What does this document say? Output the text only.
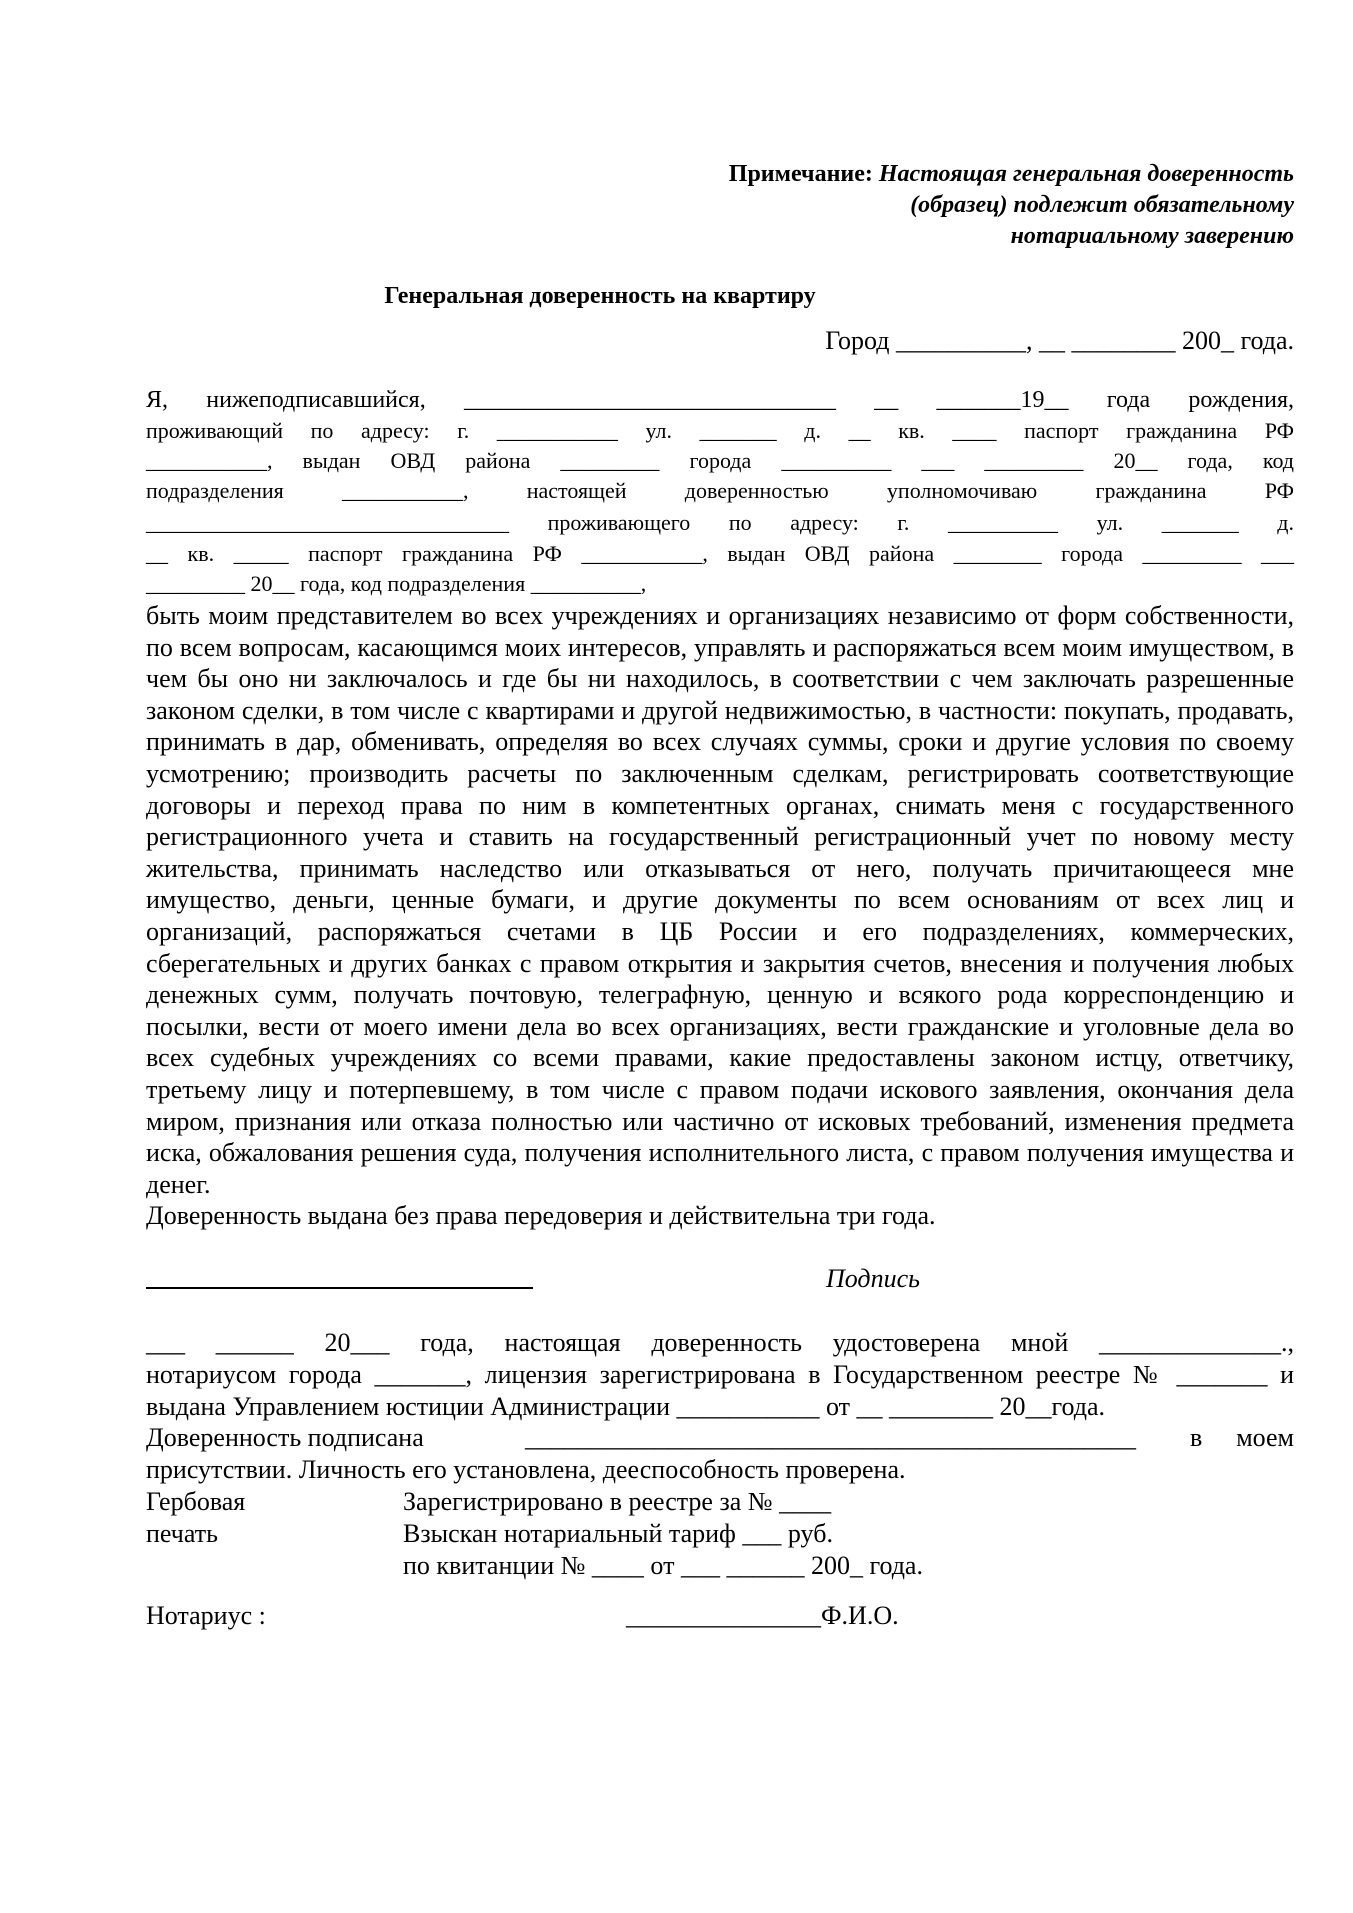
Примечание: Настоящая генеральная доверенность
(образец) подлежит обязательному
нотариальному заверению
Генеральная доверенность на квартиру
Город __________, __ ________ 200_ года.
Я, нижеподписавшийся, _______________________________ __ _______19__ года рождения,
проживающий по адресу: г. ___________ ул. _______ д. __ кв. ____ паспорт гражданина РФ
___________, выдан ОВД района _________ города __________ ___ _________ 20__ года, код
подразделения ___________, настоящей доверенностью уполномочиваю гражданина РФ
_________________________________ проживающего по адресу: г. __________ ул. _______ д.
__ кв. _____ паспорт гражданина РФ ___________, выдан ОВД района ________ города _________ ___
_________ 20__ года, код подразделения __________,

быть моим представителем во всех учреждениях и организациях независимо от форм собственности, по всем вопросам, касающимся моих интересов, управлять и распоряжаться всем моим имуществом, в чем бы оно ни заключалось и где бы ни находилось, в соответствии с чем заключать разрешенные законом сделки, в том числе с квартирами и другой недвижимостью, в частности: покупать, продавать, принимать в дар, обменивать, определяя во всех случаях суммы, сроки и другие условия по своему усмотрению; производить расчеты по заключенным сделкам, регистрировать соответствующие договоры и переход права по ним в компетентных органах, снимать меня с государственного регистрационного учета и ставить на государственный регистрационный учет по новому месту жительства, принимать наследство или отказываться от него, получать причитающееся мне имущество, деньги, ценные бумаги, и другие документы по всем основаниям от всех лиц и организаций, распоряжаться счетами в ЦБ России и его подразделениях, коммерческих, сберегательных и других банках с правом открытия и закрытия счетов, внесения и получения любых денежных сумм, получать почтовую, телеграфную, ценную и всякого рода корреспонденцию и посылки, вести от моего имени дела во всех организациях, вести гражданские и уголовные дела во всех судебных учреждениях со всеми правами, какие предоставлены законом истцу, ответчику, третьему лицу и потерпевшему, в том числе с правом подачи искового заявления, окончания дела миром, признания или отказа полностью или частично от исковых требований, изменения предмета иска, обжалования решения суда, получения исполнительного листа, с правом получения имущества и денег.

Доверенность выдана без права передоверия и действительна три года.

Подпись
___ ______ 20___ года, настоящая доверенность удостоверена мной ______________.,
нотариусом города _______, лицензия зарегистрирована в Государственном реестре № _______ и
выдана Управлением юстиции Администрации ___________ от __ ________ 20__года.
Доверенность подписана	_______________________________________________ в моем
присутствии. Личность его установлена, дееспособность проверена.
Гербовая
печать
Зарегистрировано в реестре за № ____
Взыскан нотариальный тариф ___ руб.
по квитанции № ____ от ___ ______ 200_ года.
Нотариус :	_______________Ф.И.О.
